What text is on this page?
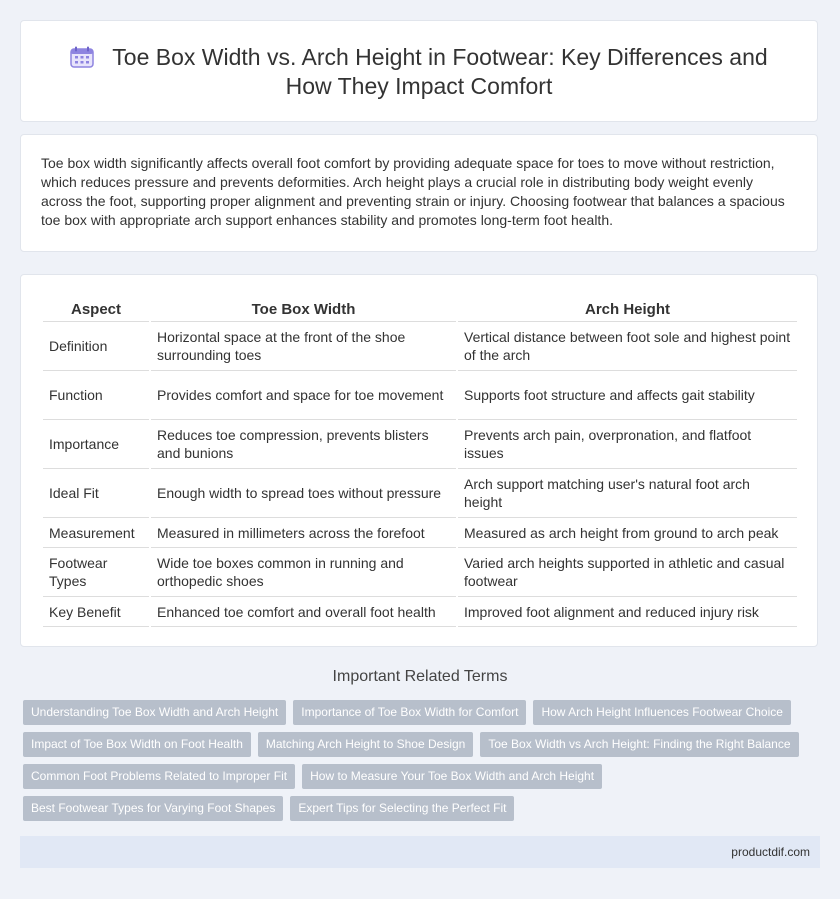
Toe Box Width vs. Arch Height in Footwear: Key Differences and
How They Impact Comfort

Toe box width significantly affects overall foot comfort by providing adequate space for toes to move without restriction, which reduces pressure and prevents deformities. Arch height plays a crucial role in distributing body weight evenly across the foot, supporting proper alignment and preventing strain or injury. Choosing footwear that balances a spacious toe box with appropriate arch support enhances stability and promotes long-term foot health.

Aspect	Toe Box Width	Arch Height
Definition	Horizontal space at the front of the shoe surrounding toes	Vertical distance between foot sole and highest point of the arch
Function	Provides comfort and space for toe movement	Supports foot structure and affects gait stability
Importance	Reduces toe compression, prevents blisters and bunions	Prevents arch pain, overpronation, and flatfoot issues
Ideal Fit	Enough width to spread toes without pressure	Arch support matching user's natural foot arch height
Measurement	Measured in millimeters across the forefoot	Measured as arch height from ground to arch peak
Footwear Types	Wide toe boxes common in running and orthopedic shoes	Varied arch heights supported in athletic and casual footwear
Key Benefit	Enhanced toe comfort and overall foot health	Improved foot alignment and reduced injury risk
Important Related Terms
Understanding Toe Box Width and Arch Height	Importance of Toe Box Width for Comfort	How Arch Height Influences Footwear Choice
Impact of Toe Box Width on Foot Health	Matching Arch Height to Shoe Design	Toe Box Width vs Arch Height: Finding the Right Balance
Common Foot Problems Related to Improper Fit	How to Measure Your Toe Box Width and Arch Height
Best Footwear Types for Varying Foot Shapes	Expert Tips for Selecting the Perfect Fit
productdif.com
